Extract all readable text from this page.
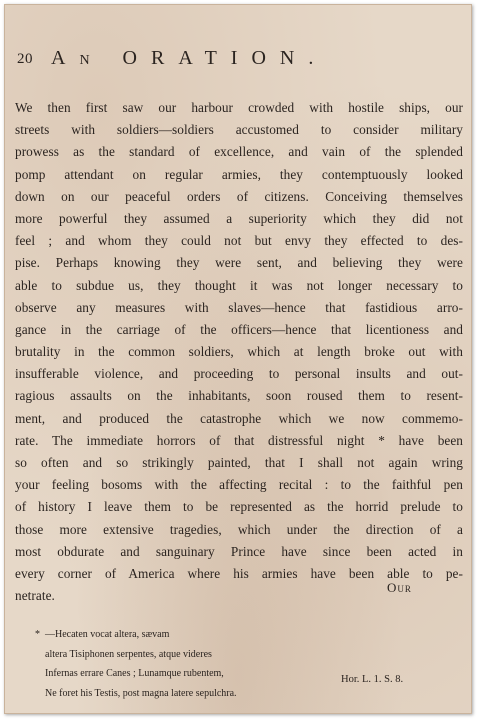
20 An ORATION.
We then first saw our harbour crowded with hostile ships, our
streets with soldiers—soldiers accustomed to consider military
prowess as the standard of excellence, and vain of the splended
pomp attendant on regular armies, they contemptuously looked
down on our peaceful orders of citizens. Conceiving themselves
more powerful they assumed a superiority which they did not
feel ; and whom they could not but envy they effected to des-
pise. Perhaps knowing they were sent, and believing they were
able to subdue us, they thought it was not longer necessary to
observe any measures with slaves—hence that fastidious arro-
gance in the carriage of the officers—hence that licentioness and
brutality in the common soldiers, which at length broke out with
insufferable violence, and proceeding to personal insults and out-
ragious assaults on the inhabitants, soon roused them to resent-
ment, and produced the catastrophe which we now commemo-
rate. The immediate horrors of that distressful night * have been
so often and so strikingly painted, that I shall not again wring
your feeling bosoms with the affecting recital : to the faithful pen
of history I leave them to be represented as the horrid prelude to
those more extensive tragedies, which under the direction of a
most obdurate and sanguinary Prince have since been acted in
every corner of America where his armies have been able to pe-
netrate.
Our
* —Hecaten vocat altera, sævam
altera Tisiphonen serpentes, atque videres
Infernas errare Canes ; Lunamque rubentem,
Ne foret his Testis, post magna latere sepulchra.
Hor. L. 1. S. 8.
